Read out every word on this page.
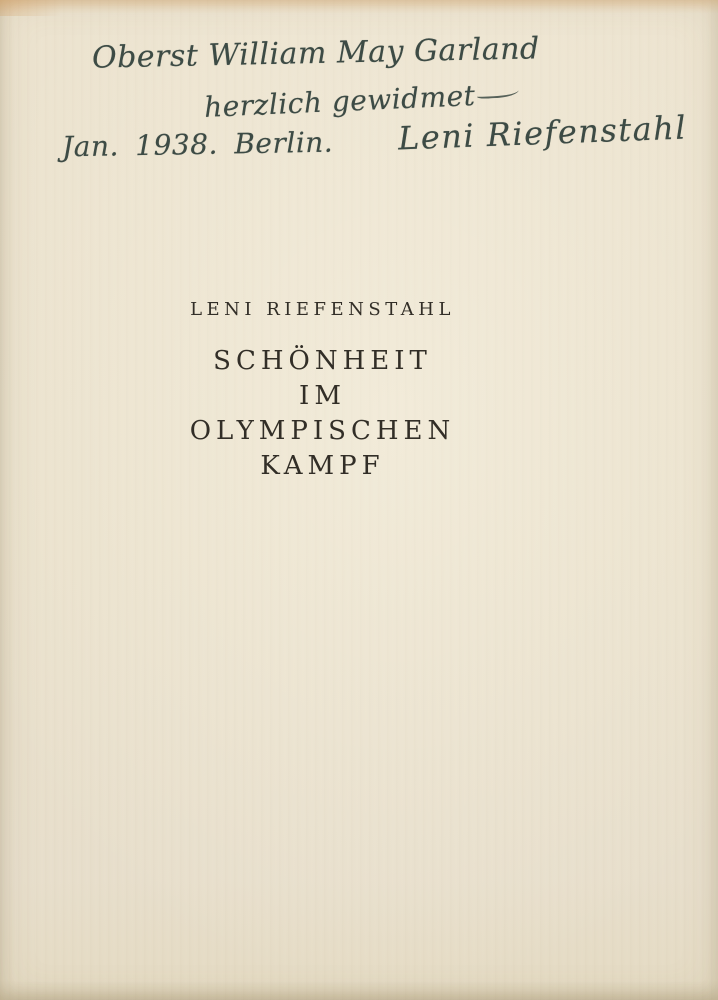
Oberst William May Garland
herzlich gewidmet
Jan. 1938. Berlin. Leni Riefenstahl
LENI RIEFENSTAHL
SCHÖNHEIT
IM
OLYMPISCHEN
KAMPF
